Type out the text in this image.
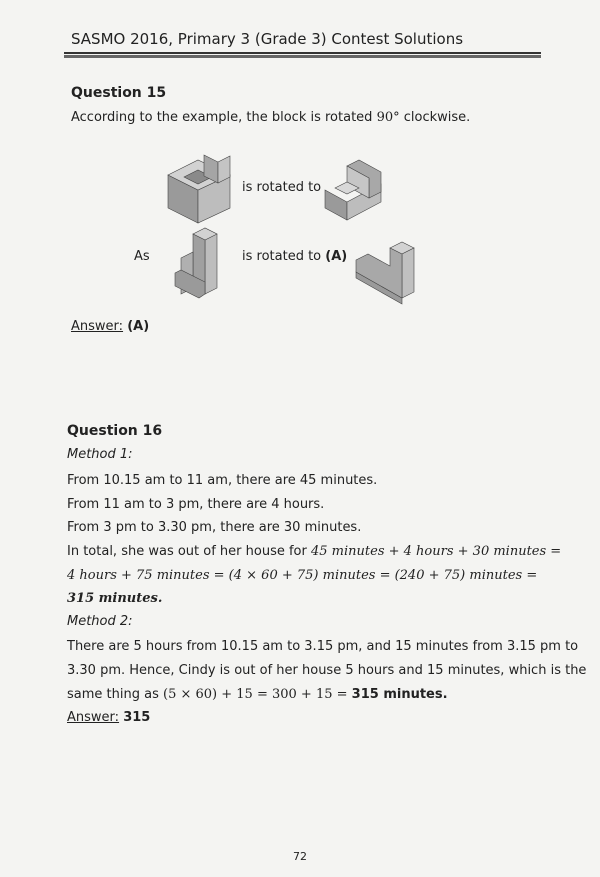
SASMO 2016, Primary 3 (Grade 3) Contest Solutions
Question 15
According to the example, the block is rotated 90° clockwise.
is rotated to
As	is rotated to (A)
Answer: (A)
Question 16
Method 1:
From 10.15 am to 11 am, there are 45 minutes.
From 11 am to 3 pm, there are 4 hours.
From 3 pm to 3.30 pm, there are 30 minutes.
In total, she was out of her house for 45 minutes + 4 hours + 30 minutes =
4 hours + 75 minutes = (4 × 60 + 75) minutes = (240 + 75) minutes =
315 minutes.
Method 2:
There are 5 hours from 10.15 am to 3.15 pm, and 15 minutes from 3.15 pm to
3.30 pm. Hence, Cindy is out of her house 5 hours and 15 minutes, which is the
same thing as (5 × 60) + 15 = 300 + 15 = 315 minutes.
Answer: 315
72
